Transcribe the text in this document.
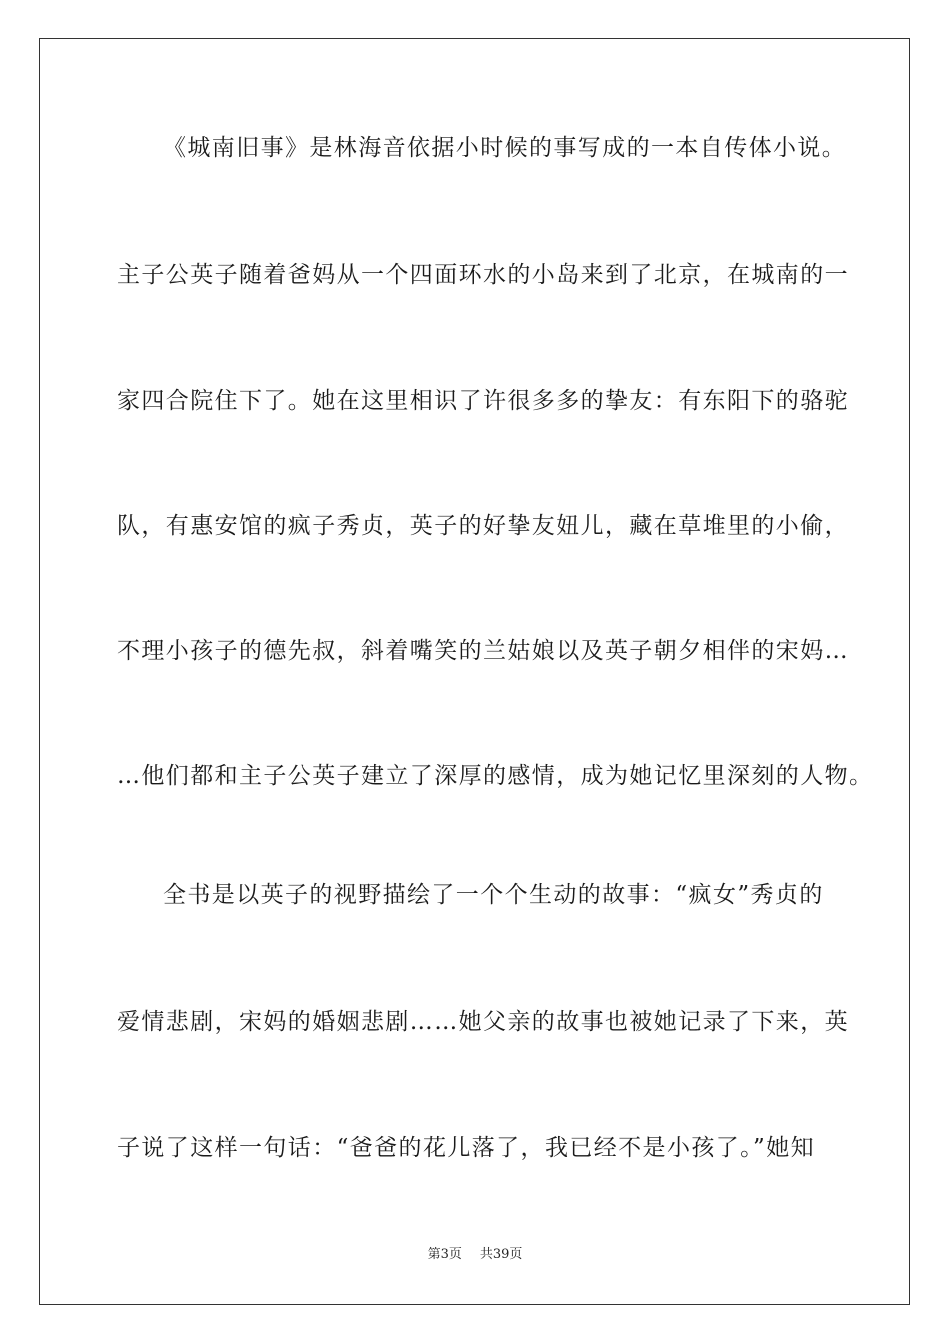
《城南旧事》是林海音依据小时候的事写成的一本自传体小说。
主子公英子随着爸妈从一个四面环水的小岛来到了北京，在城南的一
家四合院住下了。她在这里相识了许很多多的挚友：有东阳下的骆驼
队，有惠安馆的疯子秀贞，英子的好挚友妞儿，藏在草堆里的小偷，
不理小孩子的德先叔，斜着嘴笑的兰姑娘以及英子朝夕相伴的宋妈…
…他们都和主子公英子建立了深厚的感情，成为她记忆里深刻的人物。
全书是以英子的视野描绘了一个个生动的故事：“疯女”秀贞的
爱情悲剧，宋妈的婚姻悲剧……她父亲的故事也被她记录了下来，英
子说了这样一句话：“爸爸的花儿落了，我已经不是小孩了。”她知
第3页 共39页
